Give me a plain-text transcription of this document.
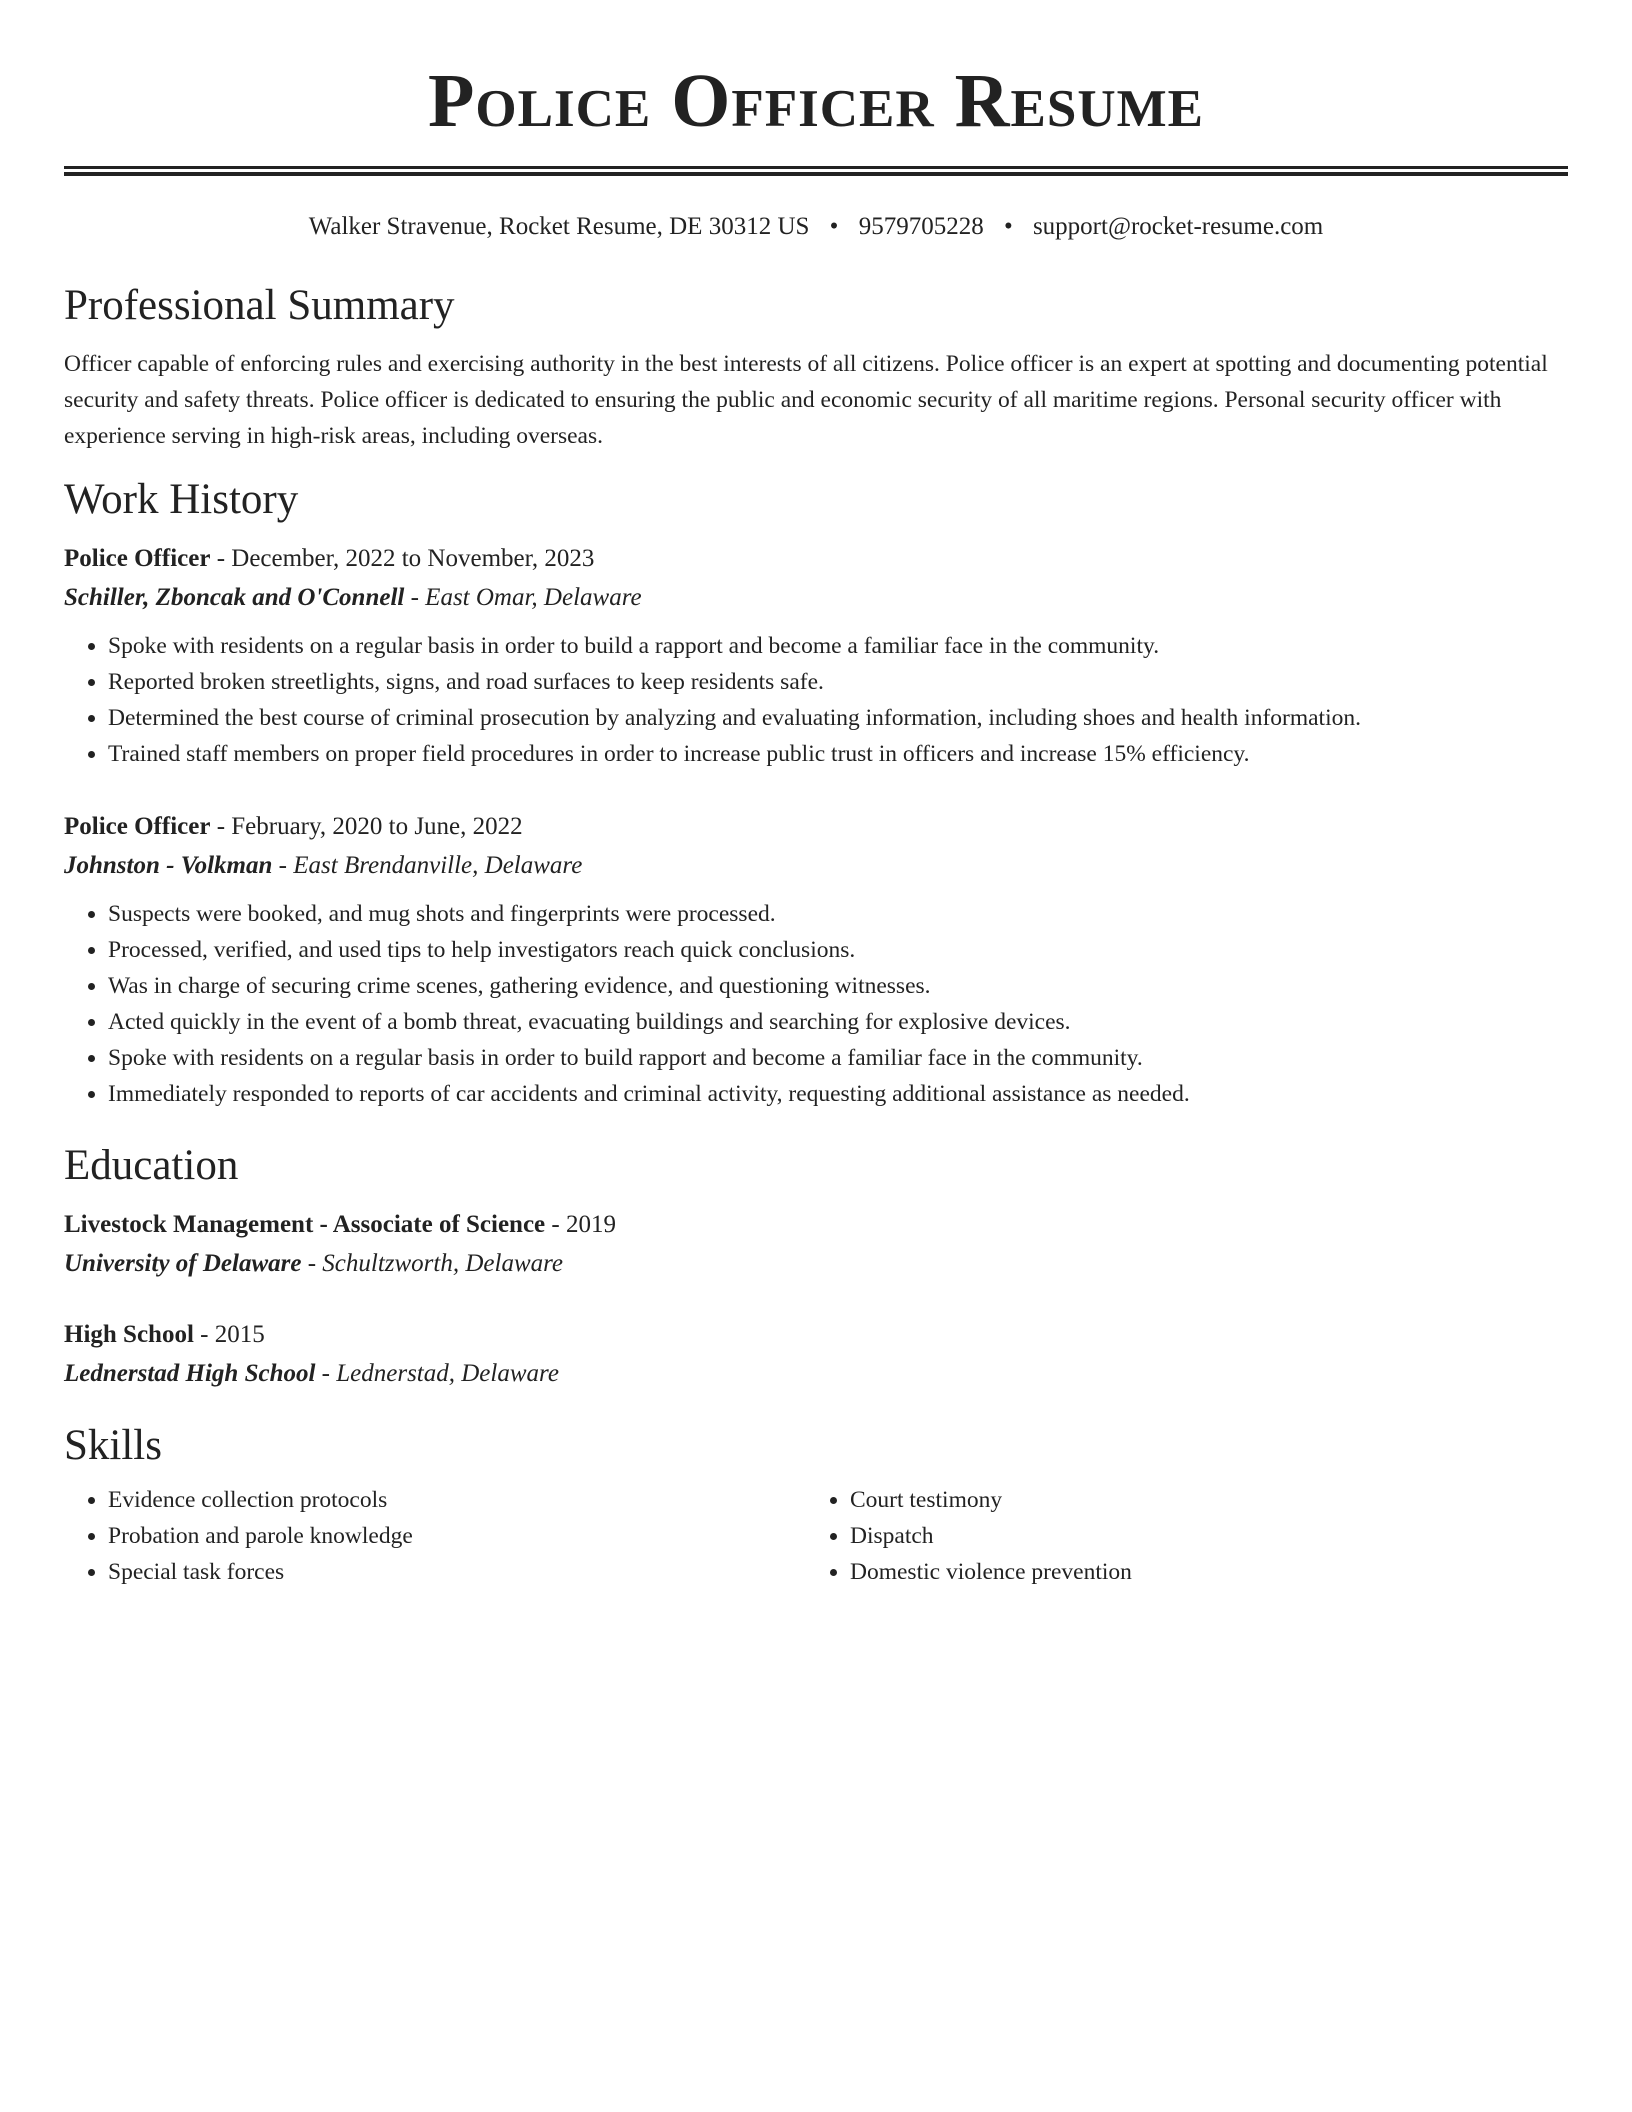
Police Officer Resume
Walker Stravenue, Rocket Resume, DE 30312 US • 9579705228 • support@rocket-resume.com
Professional Summary

Officer capable of enforcing rules and exercising authority in the best interests of all citizens. Police officer is an expert at spotting and documenting potential security and safety threats. Police officer is dedicated to ensuring the public and economic security of all maritime regions. Personal security officer with experience serving in high-risk areas, including overseas.

Work History
Police Officer - December, 2022 to November, 2023
Schiller, Zboncak and O'Connell - East Omar, Delaware
• Spoke with residents on a regular basis in order to build a rapport and become a familiar face in the community.
• Reported broken streetlights, signs, and road surfaces to keep residents safe.
• Determined the best course of criminal prosecution by analyzing and evaluating information, including shoes and health information.
• Trained staff members on proper field procedures in order to increase public trust in officers and increase 15% efficiency.
Police Officer - February, 2020 to June, 2022
Johnston - Volkman - East Brendanville, Delaware
• Suspects were booked, and mug shots and fingerprints were processed.
• Processed, verified, and used tips to help investigators reach quick conclusions.
• Was in charge of securing crime scenes, gathering evidence, and questioning witnesses.
• Acted quickly in the event of a bomb threat, evacuating buildings and searching for explosive devices.
• Spoke with residents on a regular basis in order to build rapport and become a familiar face in the community.
• Immediately responded to reports of car accidents and criminal activity, requesting additional assistance as needed.
Education
Livestock Management - Associate of Science - 2019
University of Delaware - Schultzworth, Delaware
High School - 2015
Lednerstad High School - Lednerstad, Delaware
Skills
• Evidence collection protocols
• Probation and parole knowledge
• Special task forces
• Court testimony
• Dispatch
• Domestic violence prevention
